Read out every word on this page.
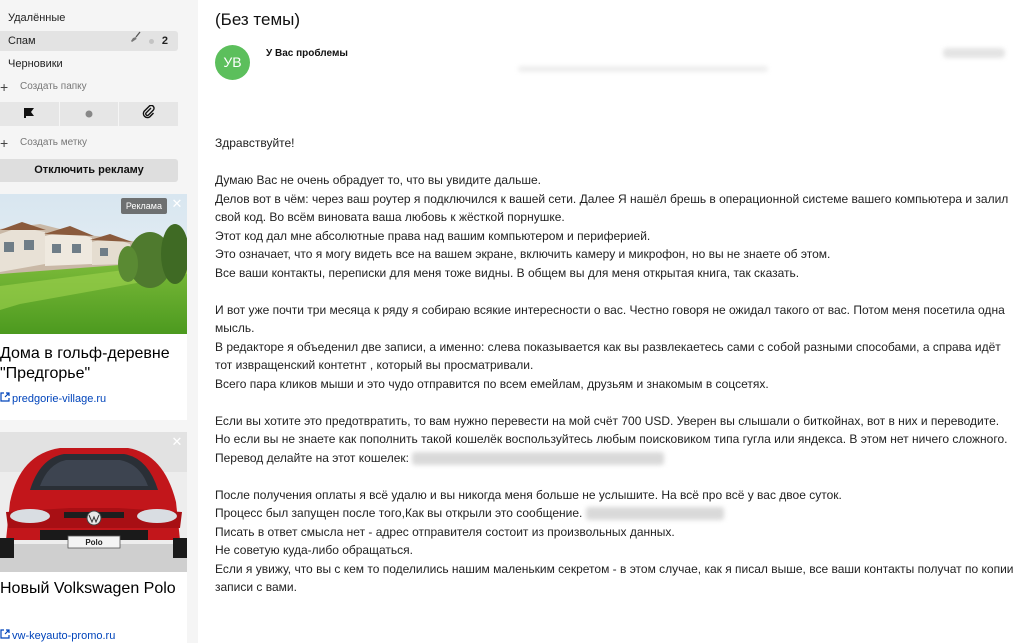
Удалённые
Спам	2
Черновики
+ Создать папку
+ Создать метку
Отключить рекламу
Реклама ✕
Дома в гольф-деревне "Предгорье"
predgorie-village.ru
Polo
✕
Новый Volkswagen Polo
vw-keyauto-promo.ru
(Без темы)
УВ
У Вас проблемы

Здравствуйте!

Думаю Вас не очень обрадует то, что вы увидите дальше.

Делов вот в чём: через ваш роутер я подключился к вашей сети. Далее Я нашёл брешь в операционной системе вашего компьютера и залил свой код. Во всём виновата ваша любовь к жёсткой порнушке.

Этот код дал мне абсолютные права над вашим компьютером и периферией.

Это означает, что я могу видеть все на вашем экране, включить камеру и микрофон, но вы не знаете об этом.

Все ваши контакты, переписки для меня тоже видны. В общем вы для меня открытая книга, так сказать.

И вот уже почти три месяца к ряду я собираю всякие интересности о вас. Честно говоря не ожидал такого от вас. Потом меня посетила одна мысль.

В редакторе я объеденил две записи, а именно: слева показывается как вы развлекаетесь сами с собой разными способами, а справа идёт тот извращенский контетнт , который вы просматривали.

Всего пара кликов мыши и это чудо отправится по всем емейлам, друзьям и знакомым в соцсетях.

Если вы хотите это предотвратить, то вам нужно перевести на мой счёт 700 USD. Уверен вы слышали о биткойнах, вот в них и переводите.

Но если вы не знаете как пополнить такой кошелёк воспользуйтесь любым поисковиком типа гугла или яндекса. В этом нет ничего сложного.

Перевод делайте на этот кошелек:

После получения оплаты я всё удалю и вы никогда меня больше не услышите. На всё про всё у вас двое суток.

Процесс был запущен после того,Как вы открыли это сообщение.

Писать в ответ смысла нет - адрес отправителя состоит из произвольных данных.

Не советую куда-либо обращаться.

Если я увижу, что вы с кем то поделились нашим маленьким секретом - в этом случае, как я писал выше, все ваши контакты получат по копии записи с вами.
